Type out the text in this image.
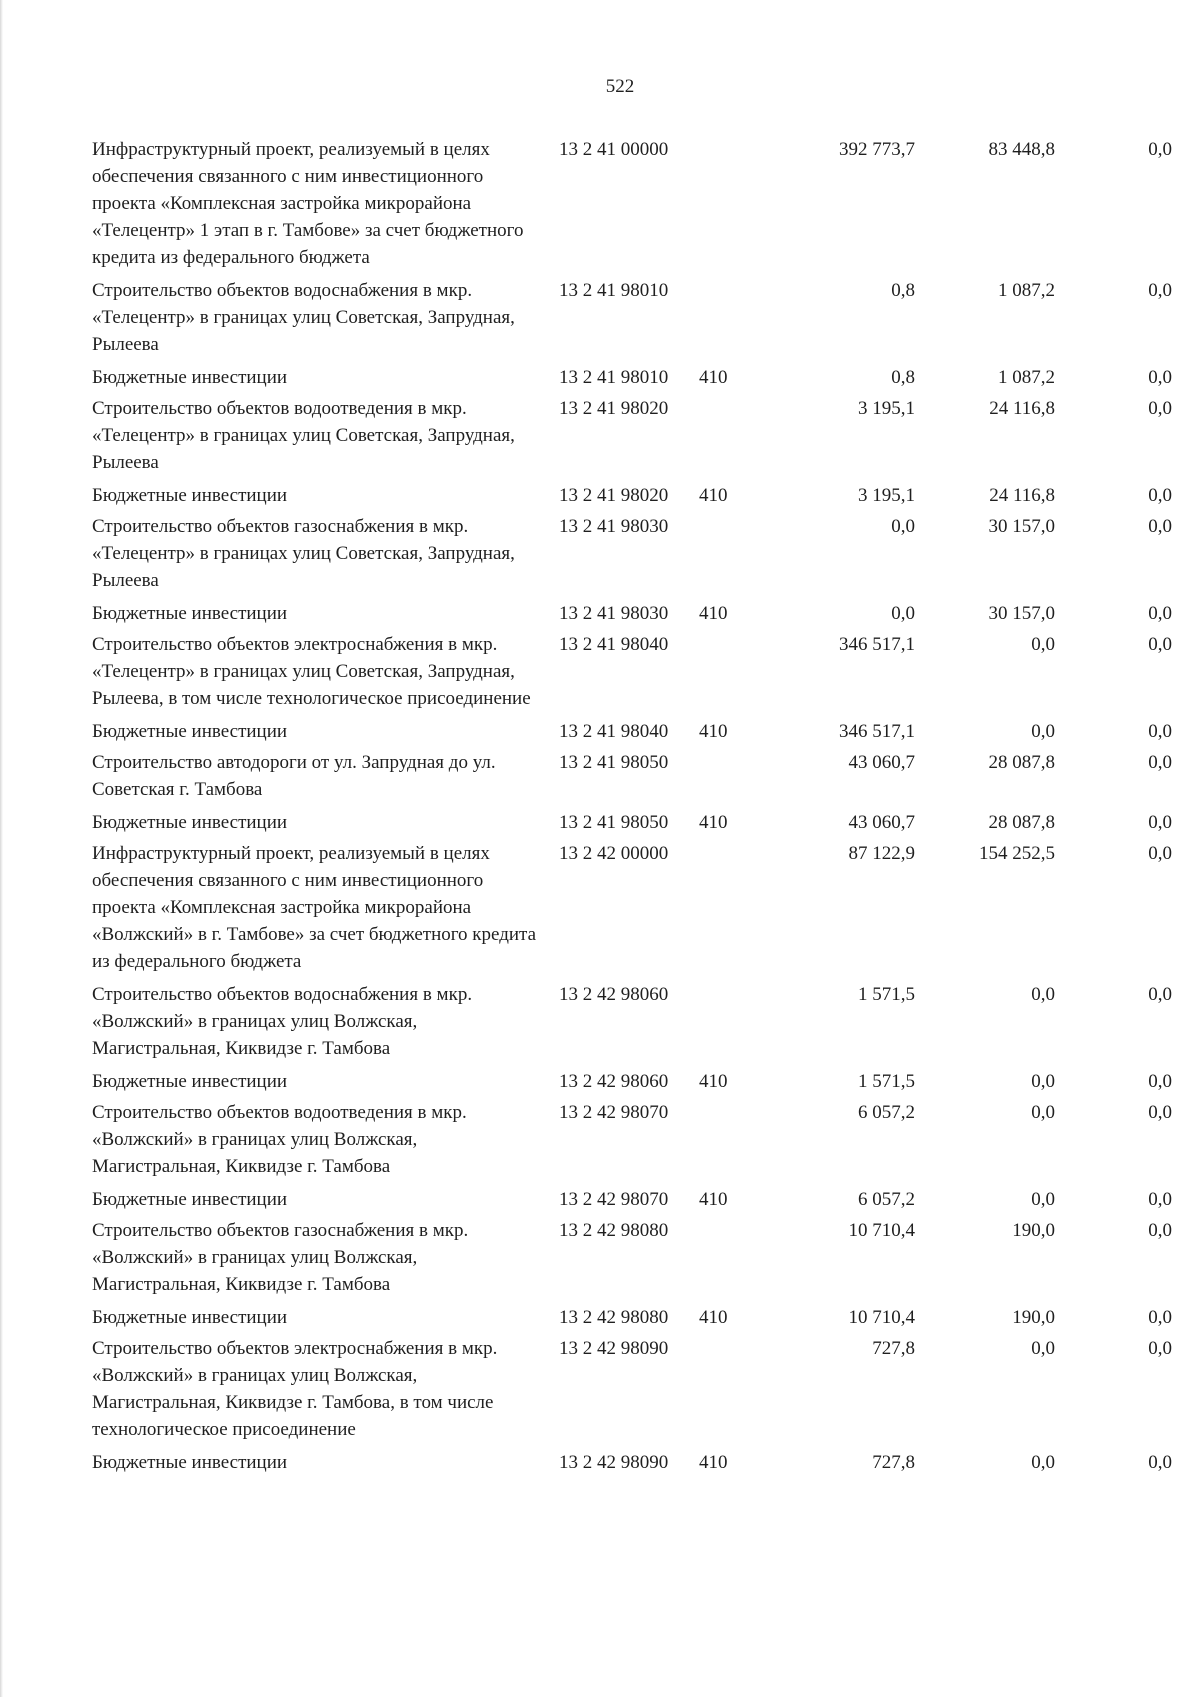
522
Инфраструктурный проект, реализуемый в целях обеспечения связанного с ним инвестиционного проекта «Комплексная застройка микрорайона «Телецентр» 1 этап в г. Тамбове» за счет бюджетного кредита из федерального бюджета	13 2 41 00000		392 773,7	83 448,8	0,0
Строительство объектов водоснабжения в мкр. «Телецентр» в границах улиц Советская, Запрудная, Рылеева	13 2 41 98010		0,8	1 087,2	0,0
Бюджетные инвестиции	13 2 41 98010	410	0,8	1 087,2	0,0
Строительство объектов водоотведения в мкр. «Телецентр» в границах улиц Советская, Запрудная, Рылеева	13 2 41 98020		3 195,1	24 116,8	0,0
Бюджетные инвестиции	13 2 41 98020	410	3 195,1	24 116,8	0,0
Строительство объектов газоснабжения в мкр. «Телецентр» в границах улиц Советская, Запрудная, Рылеева	13 2 41 98030		0,0	30 157,0	0,0
Бюджетные инвестиции	13 2 41 98030	410	0,0	30 157,0	0,0
Строительство объектов электроснабжения в мкр. «Телецентр» в границах улиц Советская, Запрудная, Рылеева, в том числе технологическое присоединение	13 2 41 98040		346 517,1	0,0	0,0
Бюджетные инвестиции	13 2 41 98040	410	346 517,1	0,0	0,0
Строительство автодороги от ул. Запрудная до ул. Советская г. Тамбова	13 2 41 98050		43 060,7	28 087,8	0,0
Бюджетные инвестиции	13 2 41 98050	410	43 060,7	28 087,8	0,0
Инфраструктурный проект, реализуемый в целях обеспечения связанного с ним инвестиционного проекта «Комплексная застройка микрорайона «Волжский» в г. Тамбове» за счет бюджетного кредита из федерального бюджета	13 2 42 00000		87 122,9	154 252,5	0,0
Строительство объектов водоснабжения в мкр. «Волжский» в границах улиц Волжская, Магистральная, Киквидзе г. Тамбова	13 2 42 98060		1 571,5	0,0	0,0
Бюджетные инвестиции	13 2 42 98060	410	1 571,5	0,0	0,0
Строительство объектов водоотведения в мкр. «Волжский» в границах улиц Волжская, Магистральная, Киквидзе г. Тамбова	13 2 42 98070		6 057,2	0,0	0,0
Бюджетные инвестиции	13 2 42 98070	410	6 057,2	0,0	0,0
Строительство объектов газоснабжения в мкр. «Волжский» в границах улиц Волжская, Магистральная, Киквидзе г. Тамбова	13 2 42 98080		10 710,4	190,0	0,0
Бюджетные инвестиции	13 2 42 98080	410	10 710,4	190,0	0,0
Строительство объектов электроснабжения в мкр. «Волжский» в границах улиц Волжская, Магистральная, Киквидзе г. Тамбова, в том числе технологическое присоединение	13 2 42 98090		727,8	0,0	0,0
Бюджетные инвестиции	13 2 42 98090	410	727,8	0,0	0,0
